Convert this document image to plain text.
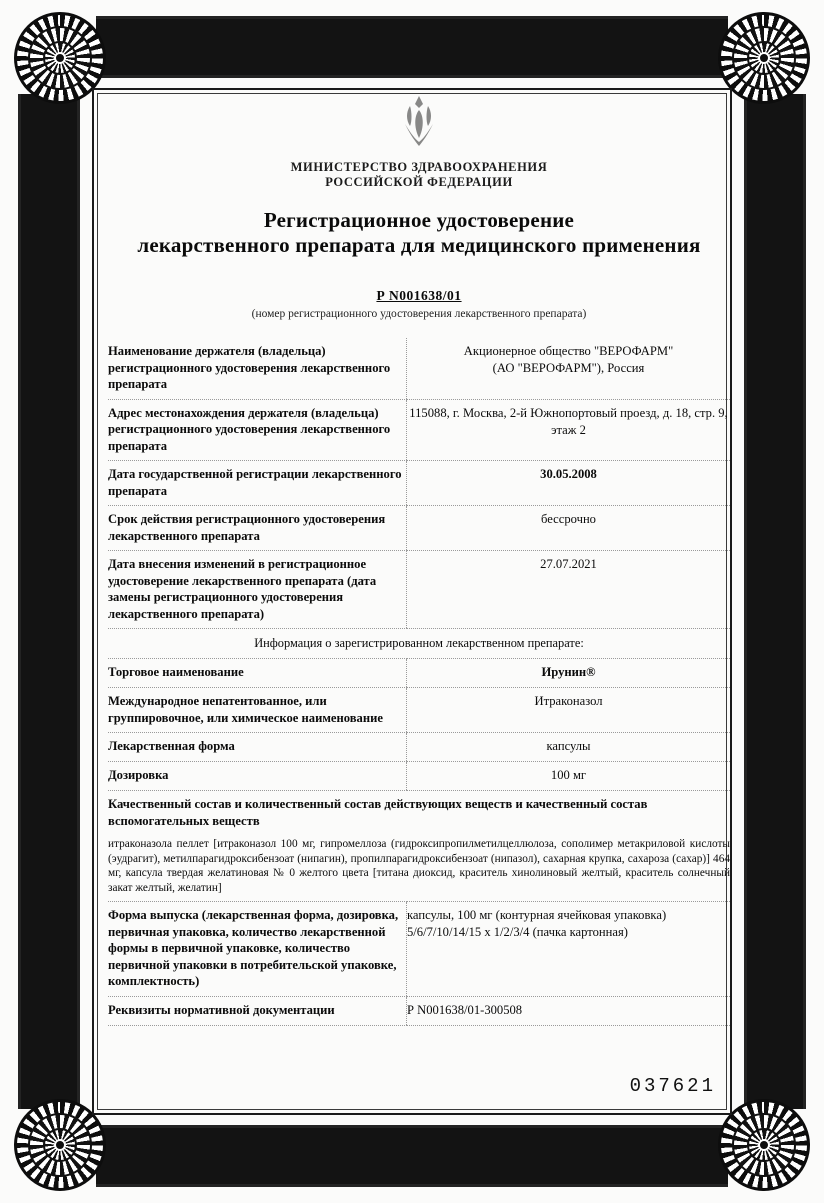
МИНИСТЕРСТВО ЗДРАВООХРАНЕНИЯ
РОССИЙСКОЙ ФЕДЕРАЦИИ
Регистрационное удостоверение
лекарственного препарата для медицинского применения
Р N001638/01
(номер регистрационного удостоверения лекарственного препарата)
Наименование держателя (владельца) регистрационного удостоверения лекарственного препарата	Акционерное общество "ВЕРОФАРМ"
(АО "ВЕРОФАРМ"), Россия
Адрес местонахождения держателя (владельца) регистрационного удостоверения лекарственного препарата	115088, г. Москва, 2-й Южнопортовый проезд, д. 18, стр. 9, этаж 2
Дата государственной регистрации лекарственного препарата	30.05.2008
Срок действия регистрационного удостоверения лекарственного препарата	бессрочно
Дата внесения изменений в регистрационное удостоверение лекарственного препарата (дата замены регистрационного удостоверения лекарственного препарата)	27.07.2021
Информация о зарегистрированном лекарственном препарате:	
Торговое наименование	Ирунин®
Международное непатентованное, или группировочное, или химическое наименование	Итраконазол
Лекарственная форма	капсулы
Дозировка	100 мг
Качественный состав и количественный состав действующих веществ и качественный состав вспомогательных веществ	
итраконазола пеллет [итраконазол 100 мг, гипромеллоза (гидроксипропилметилцеллюлоза, сополимер метакриловой кислоты (эудрагит), метилпарагидроксибензоат (нипагин), пропилпарагидроксибензоат (нипазол), сахарная крупка, сахароза (сахар)] 464 мг, капсула твердая желатиновая № 0 желтого цвета [титана диоксид, краситель хинолиновый желтый, краситель солнечный закат желтый, желатин]	
Форма выпуска (лекарственная форма, дозировка, первичная упаковка, количество лекарственной формы в первичной упаковке, количество первичной упаковки в потребительской упаковке, комплектность)	капсулы, 100 мг (контурная ячейковая упаковка) 5/6/7/10/14/15 x 1/2/3/4 (пачка картонная)
Реквизиты нормативной документации	Р N001638/01-300508
037621
